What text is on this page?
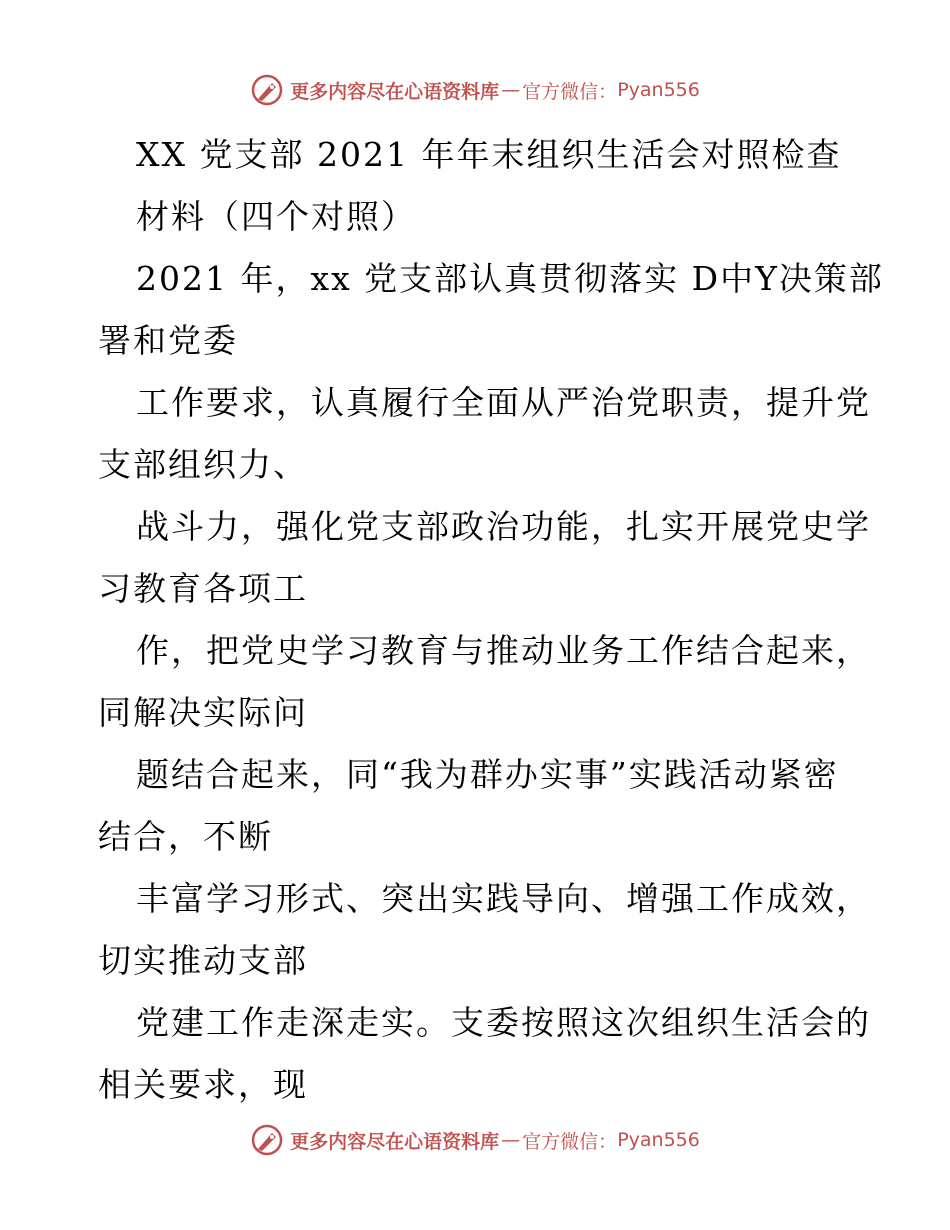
更多内容尽在心语资料库 — 官方微信： Pyan556
XX 党支部 2021 年年末组织生活会对照检查
材料（四个对照）
2021 年，xx 党支部认真贯彻落实 D中Y决策部
署和党委
工作要求，认真履行全面从严治党职责，提升党
支部组织力、
战斗力，强化党支部政治功能，扎实开展党史学
习教育各项工
作，把党史学习教育与推动业务工作结合起来，
同解决实际问
题结合起来，同“我为群办实事”实践活动紧密
结合，不断
丰富学习形式、突出实践导向、增强工作成效，
切实推动支部
党建工作走深走实。支委按照这次组织生活会的
相关要求，现
更多内容尽在心语资料库 — 官方微信： Pyan556
